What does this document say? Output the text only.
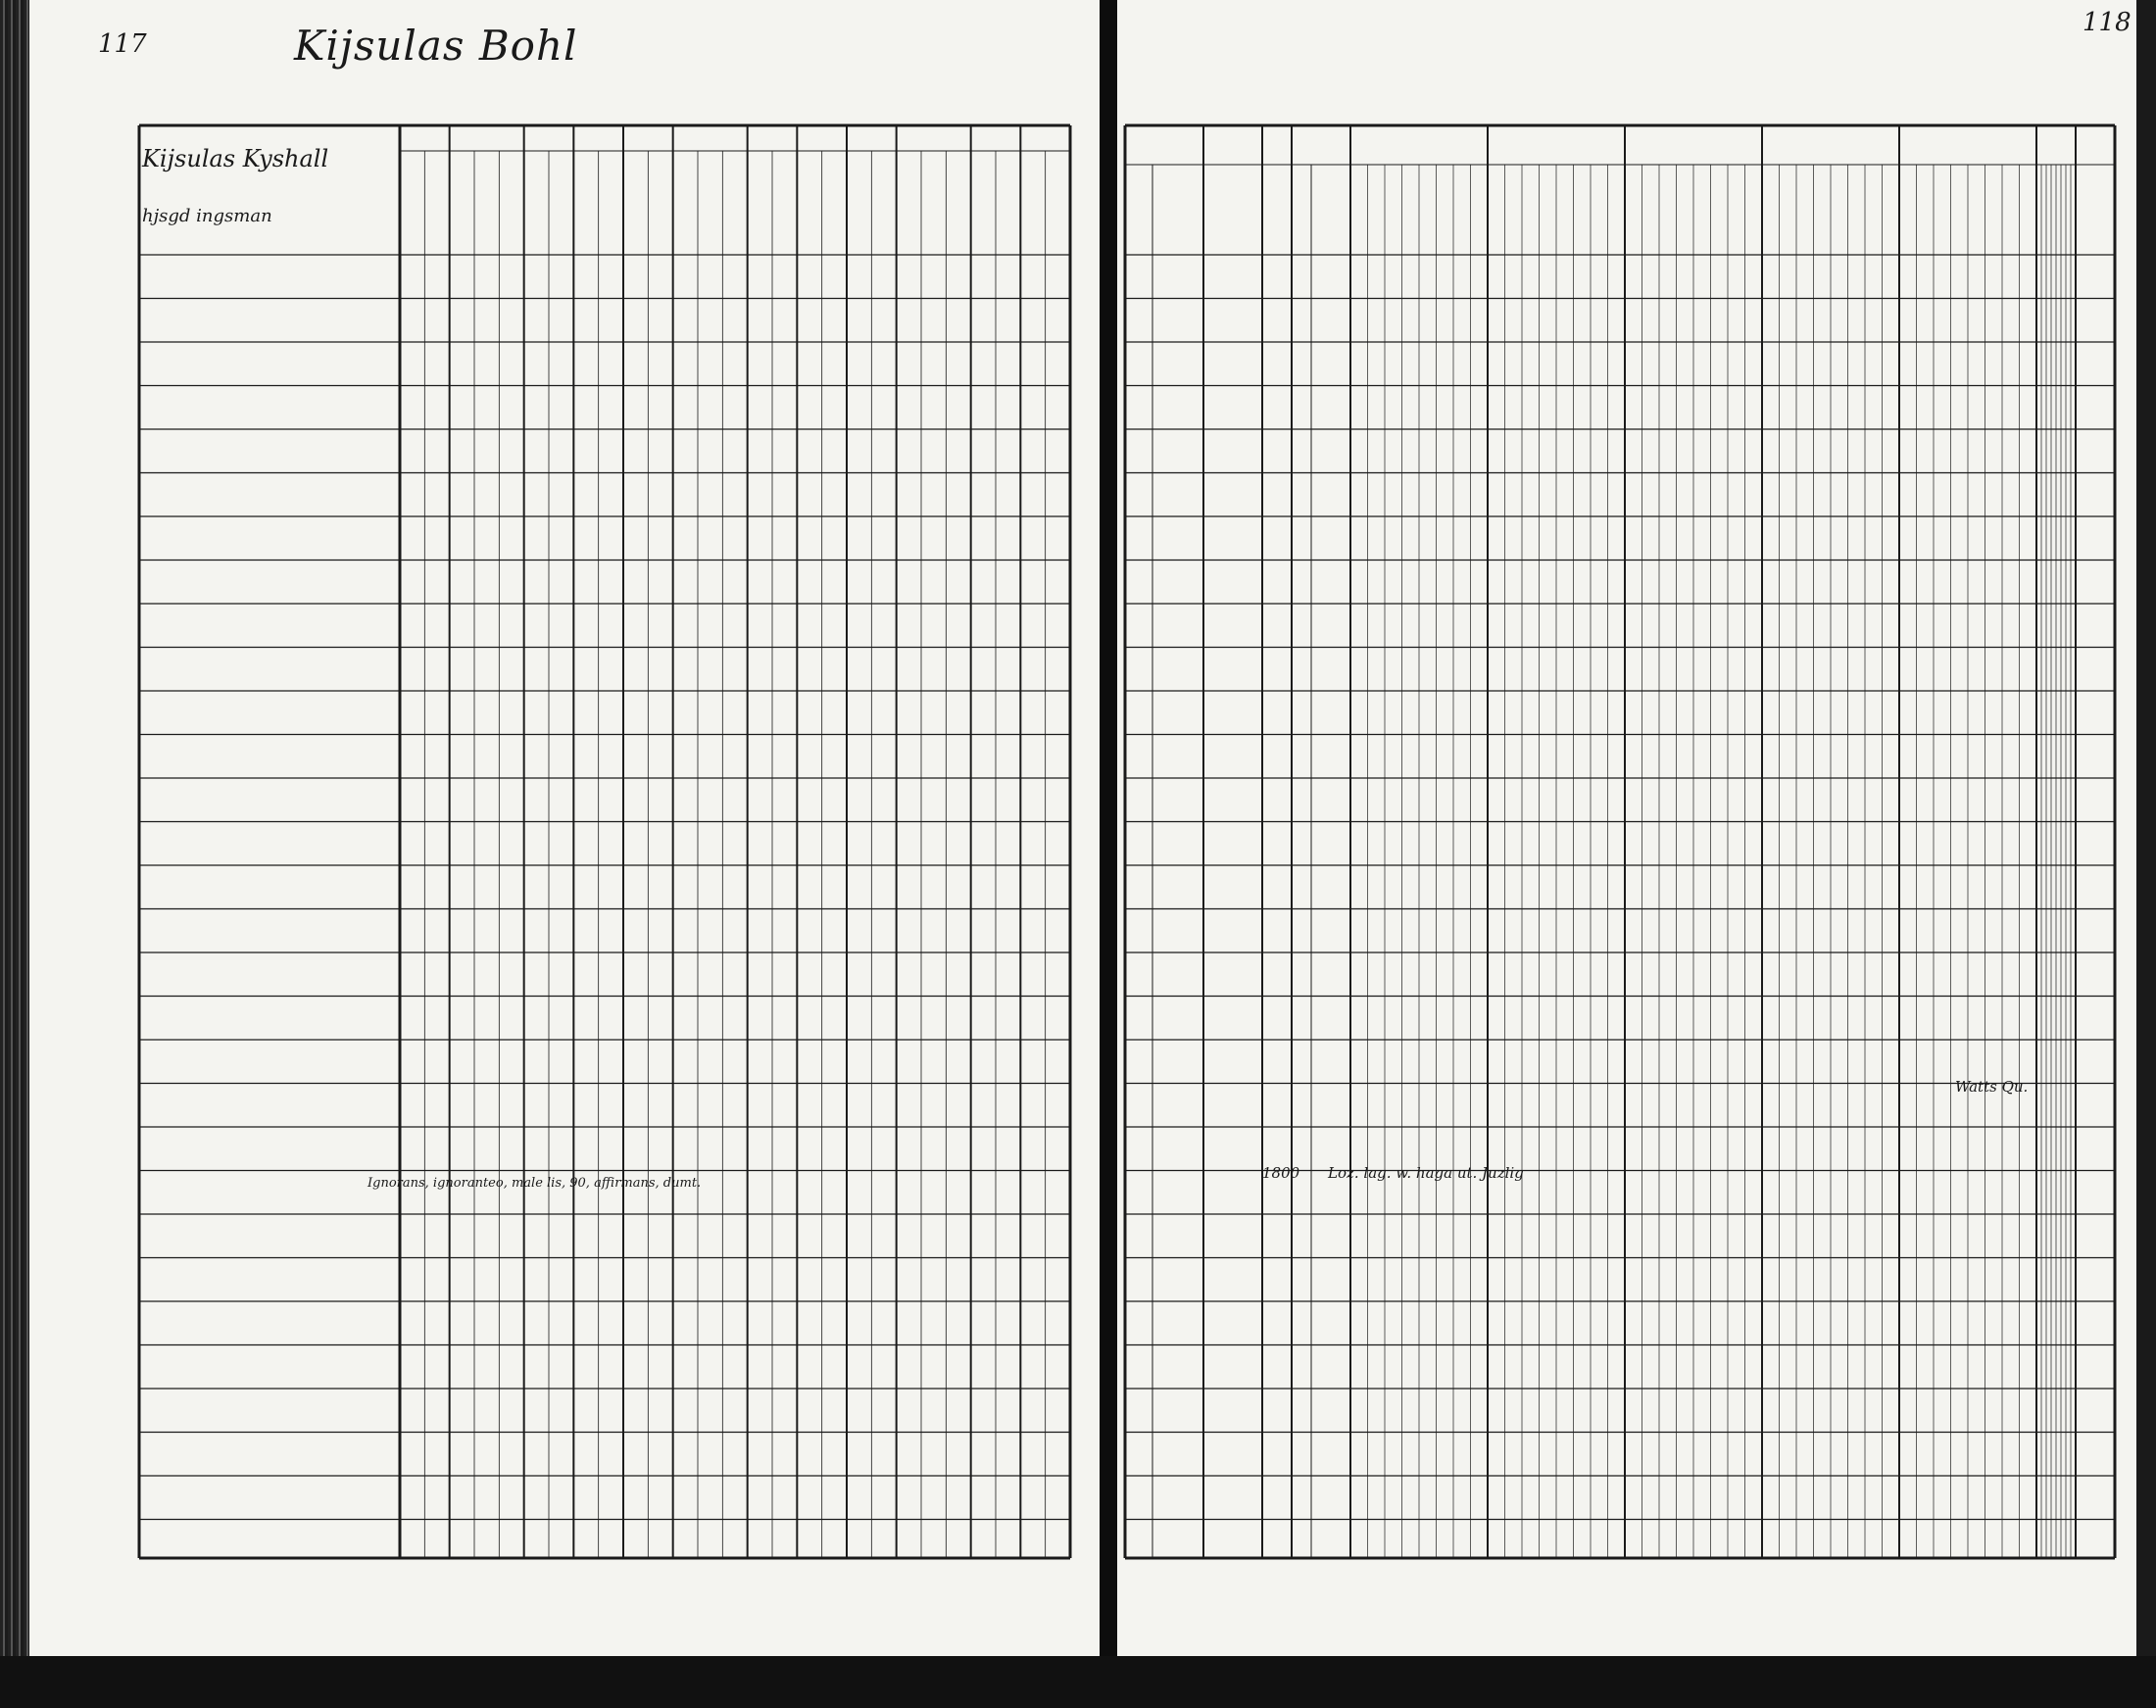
117	Kijsulas Bohl
Kijsulas Kyshall
hjsgd ingsman
Ignorans, ignoranteo, male lis, 90, affirmans, dumt.
118
1800
Watts Qu.
Loz. lag. w. haga ut. Juzlig
